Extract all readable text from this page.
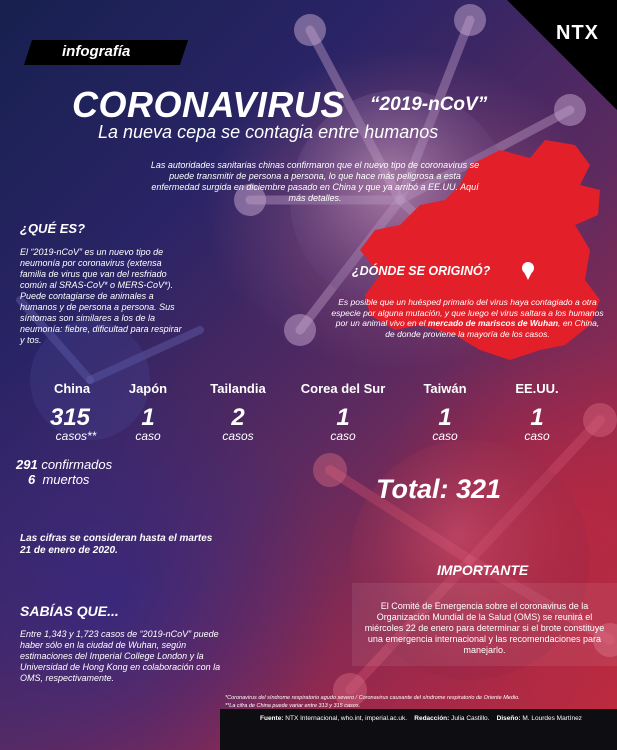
NTX
infografía
CORONAVIRUS “2019-nCoV”
La nueva cepa se contagia entre humanos
Las autoridades sanitarias chinas confirmaron que el nuevo tipo de coronavirus se puede transmitir de persona a persona, lo que hace más peligrosa a esta enfermedad surgida en diciembre pasado en China y que ya arribó a EE.UU. Aquí más detalles.
¿QUÉ ES?
El “2019-nCoV” es un nuevo tipo de neumonía por coronavirus (extensa familia de virus que van del resfriado común al SRAS-CoV* o MERS-CoV*). Puede contagiarse de animales a humanos y de persona a persona. Sus síntomas son similares a los de la neumonía: fiebre, dificultad para respirar y tos.
¿DÓNDE SE ORIGINÓ?
Es posible que un huésped primario del virus haya contagiado a otra especie por alguna mutación, y que luego el virus saltara a los humanos por un animal vivo en el mercado de mariscos de Wuhan, en China, de donde proviene la mayoría de los casos.
China
315
casos**
Japón
1
caso
Tailandia
2
casos
Corea del Sur
1
caso
Taiwán
1
caso
EE.UU.
1
caso
291 confirmados
6 muertos	Total: 321
Las cifras se consideran hasta el martes 21 de enero de 2020.
IMPORTANTE
El Comité de Emergencia sobre el coronavirus de la Organización Mundial de la Salud (OMS) se reunirá el miércoles 22 de enero para determinar si el brote constituye una emergencia internacional y las recomendaciones para manejarlo.
SABÍAS QUE...
Entre 1,343 y 1,723 casos de “2019-nCoV” puede haber sólo en la ciudad de Wuhan, según estimaciones del Imperial College London y la Universidad de Hong Kong en colaboración con la OMS, respectivamente.
*Coronavirus del síndrome respiratorio agudo severo / Coronavirus causante del síndrome respiratorio de Oriente Medio.
**La cifra de China puede variar entre 313 y 315 casos.
Fuente: NTX Internacional, who.int, imperial.ac.uk. Redacción: Julia Castillo. Diseño: M. Lourdes Martínez
